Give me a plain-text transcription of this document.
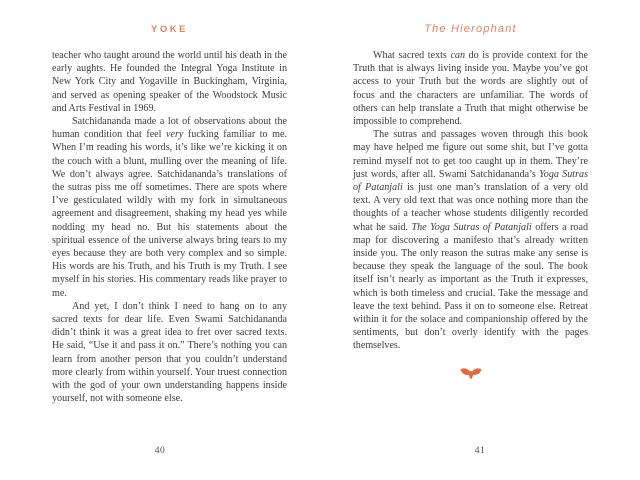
YOKE

teacher who taught around the world until his death in the early aughts. He founded the Integral Yoga Institute in New York City and Yogaville in Buckingham, Virginia, and served as opening speaker of the Woodstock Music and Arts Festival in 1969.

Satchidananda made a lot of observations about the human condition that feel very fucking familiar to me. When I’m reading his words, it’s like we’re kicking it on the couch with a blunt, mulling over the meaning of life. We don’t always agree. Satchidananda’s translations of the sutras piss me off sometimes. There are spots where I’ve gesticulated wildly with my fork in simultaneous agreement and disagreement, shaking my head yes while nodding my head no. But his statements about the spiritual essence of the universe always bring tears to my eyes because they are both very complex and so simple. His words are his Truth, and his Truth is my Truth. I see myself in his stories. His commentary reads like prayer to me.

And yet, I don’t think I need to hang on to any sacred texts for dear life. Even Swami Satchidananda didn’t think it was a great idea to fret over sacred texts. He said, “Use it and pass it on.” There’s nothing you can learn from another person that you couldn’t understand more clearly from within yourself. Your truest connection with the god of your own understanding happens inside yourself, not with someone else.

40
The Hierophant

What sacred texts can do is provide context for the Truth that is always living inside you. Maybe you’ve got access to your Truth but the words are slightly out of focus and the characters are unfamiliar. The words of others can help translate a Truth that might otherwise be impossible to comprehend.

The sutras and passages woven through this book may have helped me figure out some shit, but I’ve gotta remind myself not to get too caught up in them. They’re just words, after all. Swami Satchidananda’s Yoga Sutras of Patanjali is just one man’s translation of a very old text. A very old text that was once nothing more than the thoughts of a teacher whose students diligently recorded what he said. The Yoga Sutras of Patanjali offers a road map for discovering a manifesto that’s already written inside you. The only reason the sutras make any sense is because they speak the language of the soul. The book itself isn’t nearly as important as the Truth it expresses, which is both timeless and crucial. Take the message and leave the text behind. Pass it on to someone else. Retreat within it for the solace and companionship offered by the sentiments, but don’t overly identify with the pages themselves.

41
